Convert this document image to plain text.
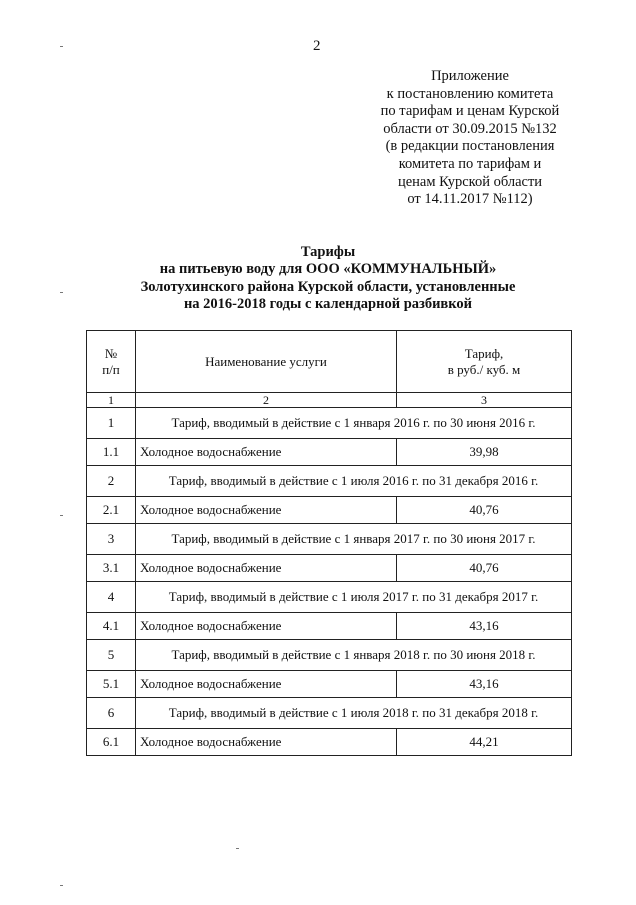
2
Приложение
к постановлению комитета
по тарифам и ценам Курской
области от 30.09.2015 №132
(в редакции постановления
комитета по тарифам и
ценам Курской области
от 14.11.2017 №112)
Тарифы
на питьевую воду для ООО «КОММУНАЛЬНЫЙ»
Золотухинского района Курской области, установленные
на 2016-2018 годы с календарной разбивкой
№ п/п	Наименование услуги	Тариф,
в руб./ куб. м

1	2	3
1	Тариф, вводимый в действие с 1 января 2016 г. по 30 июня 2016 г.	
1.1	Холодное водоснабжение	39,98
2	Тариф, вводимый в действие с 1 июля 2016 г. по 31 декабря 2016 г.	
2.1	Холодное водоснабжение	40,76
3	Тариф, вводимый в действие с 1 января 2017 г. по 30 июня 2017 г.	
3.1	Холодное водоснабжение	40,76
4	Тариф, вводимый в действие с 1 июля 2017 г. по 31 декабря 2017 г.	
4.1	Холодное водоснабжение	43,16
5	Тариф, вводимый в действие с 1 января 2018 г. по 30 июня 2018 г.	
5.1	Холодное водоснабжение	43,16
6	Тариф, вводимый в действие с 1 июля 2018 г. по 31 декабря 2018 г.	
6.1	Холодное водоснабжение	44,21
